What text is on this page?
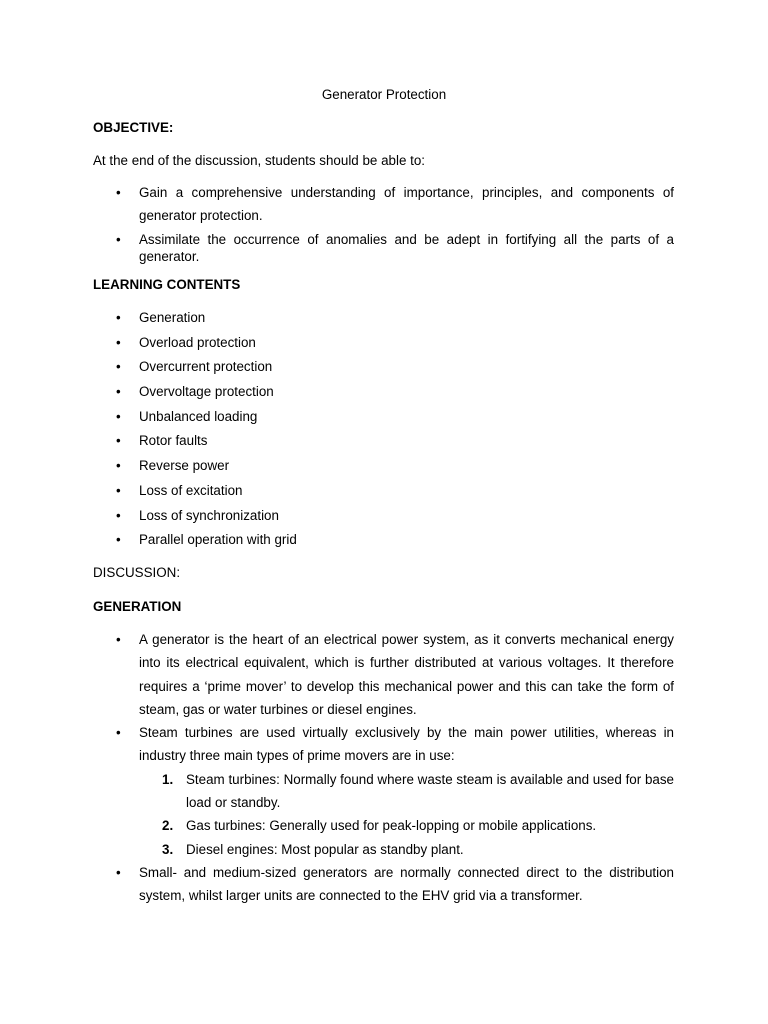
Generator Protection
OBJECTIVE:
At the end of the discussion, students should be able to:
•	Gain a comprehensive understanding of importance, principles, and components of generator protection.
•	Assimilate the occurrence of anomalies and be adept in fortifying all the parts of a generator.
LEARNING CONTENTS
•	Generation
•	Overload protection
•	Overcurrent protection
•	Overvoltage protection
•	Unbalanced loading
•	Rotor faults
•	Reverse power
•	Loss of excitation
•	Loss of synchronization
•	Parallel operation with grid
DISCUSSION:
GENERATION
•	A generator is the heart of an electrical power system, as it converts mechanical energy into its electrical equivalent, which is further distributed at various voltages. It therefore requires a ‘prime mover’ to develop this mechanical power and this can take the form of steam, gas or water turbines or diesel engines.
•	Steam turbines are used virtually exclusively by the main power utilities, whereas in industry three main types of prime movers are in use:
1. Steam turbines: Normally found where waste steam is available and used for base load or standby.
2. Gas turbines: Generally used for peak-lopping or mobile applications.
3. Diesel engines: Most popular as standby plant.
•	Small- and medium-sized generators are normally connected direct to the distribution system, whilst larger units are connected to the EHV grid via a transformer.
